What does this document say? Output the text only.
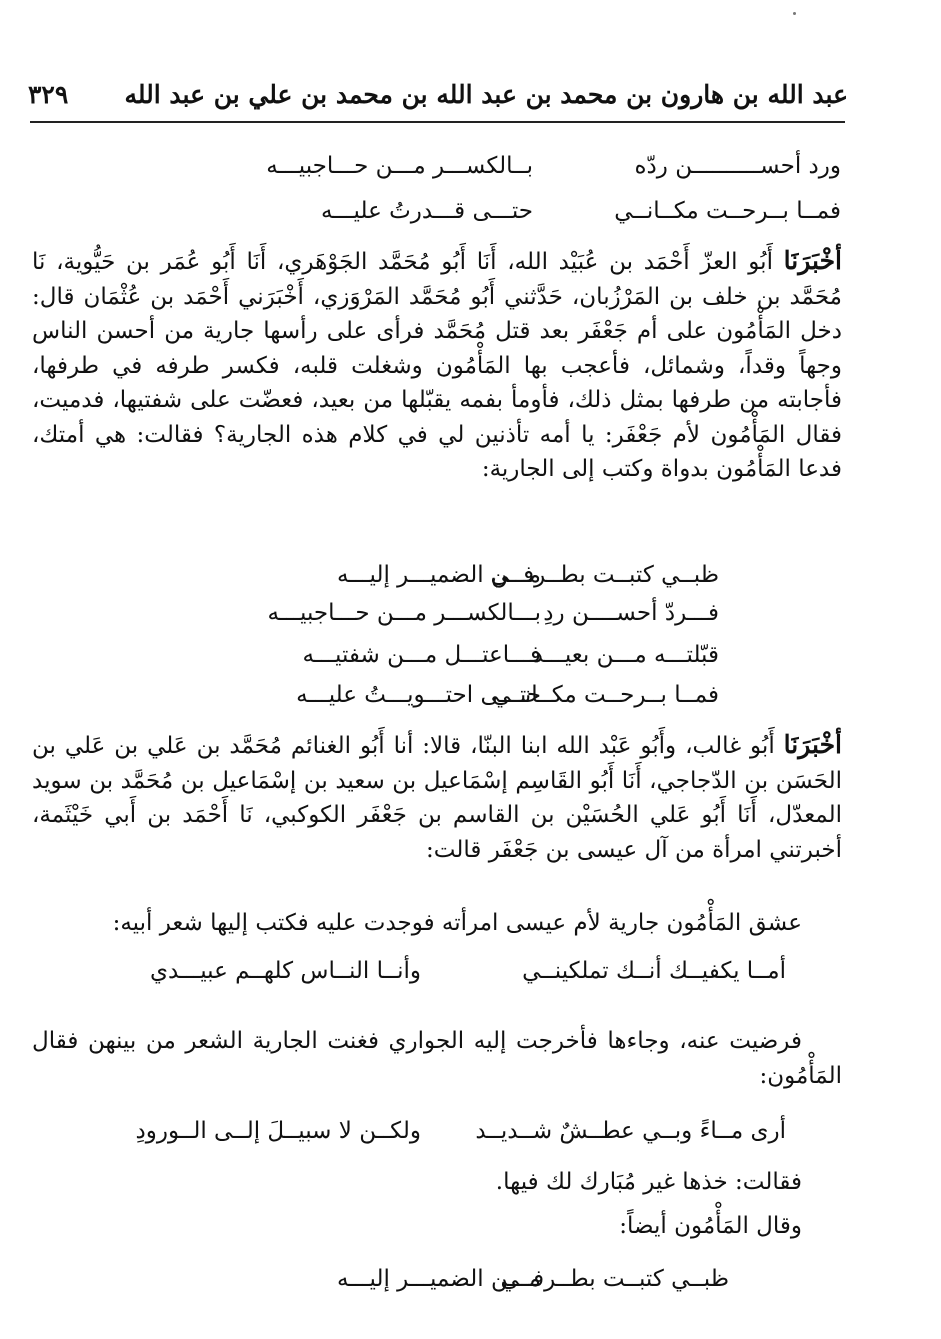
عبد الله بن هارون بن محمد بن عبد الله بن محمد بن علي بن عبد الله
٣٢٩
ورد أحســــــــــن ردّه
بــالكســـر مـــن حـــاجبيـــه
فمــا بــرحــت مكــانــي
حتـــى قـــدرتُ عليـــه
أخْبَرَنَا أَبُو العزّ أَحْمَد بن عُبَيْد الله، أَنَا أَبُو مُحَمَّد الجَوْهَري، أَنَا أَبُو عُمَر بن حَيُّوية، نَا مُحَمَّد بن خلف بن المَرْزُبان، حَدَّثني أَبُو مُحَمَّد المَرْوَزي، أَخْبَرَني أَحْمَد بن عُثْمَان قال: دخل المَأْمُون على أم جَعْفَر بعد قتل مُحَمَّد فرأى على رأسها جارية من أحسن الناس وجهاً وقداً، وشمائل، فأعجب بها المَأْمُون وشغلت قلبه، فكسر طرفه في طرفها، فأجابته من طرفها بمثل ذلك، فأومأ بفمه يقبّلها من بعيد، فعضّت على شفتيها، فدميت، فقال المَأْمُون لأم جَعْفَر: يا أمه تأذنين لي في كلام هذه الجارية؟ فقالت: هي أمتك، فدعا المَأْمُون بدواة وكتب إلى الجارية:
ظبــي كتبــت بطــرفــي
مـــن الضميـــر إليـــه
فـــردّ أحســــن ردِ
بـــالكســـر مـــن حـــاجبيـــه
قبّلتـــه مـــن بعيـــد
فـــاعتـــل مـــن شفتيـــه
فمــا بــرحــت مكــانــي
حتـــى احتـــويـــتُ عليـــه
أخْبَرَنَا أَبُو غالب، وأَبُو عَبْد الله ابنا البنّا، قالا: أنا أَبُو الغنائم مُحَمَّد بن عَلي بن عَلي بن الحَسَن بن الدّجاجي، أَنَا أَبُو القَاسِم إسْمَاعيل بن سعيد بن إسْمَاعيل بن مُحَمَّد بن سويد المعدّل، أَنَا أَبُو عَلي الحُسَيْن بن القاسم بن جَعْفَر الكوكبي، نَا أَحْمَد بن أَبي خَيْثَمة، أخبرتني امرأة من آل عيسى بن جَعْفَر قالت:
عشق المَأْمُون جارية لأم عيسى امرأته فوجدت عليه فكتب إليها شعر أبيه:
أمــا يكفيــك أنــك تملكينــي
وأنــا النــاس كلهــم عبيـــدي
فرضيت عنه، وجاءها فأخرجت إليه الجواري فغنت الجارية الشعر من بينهن فقال المَأْمُون:
أرى مــاءً وبــي عطــشٌ شــديــد
ولكــن لا سبيــلَ إلــى الــورودِ
فقالت: خذها غير مُبَارك لك فيها.
وقال المَأْمُون أيضاً:
ظبــي كتبــت بطــرفــي
مـــن الضميـــر إليـــه
